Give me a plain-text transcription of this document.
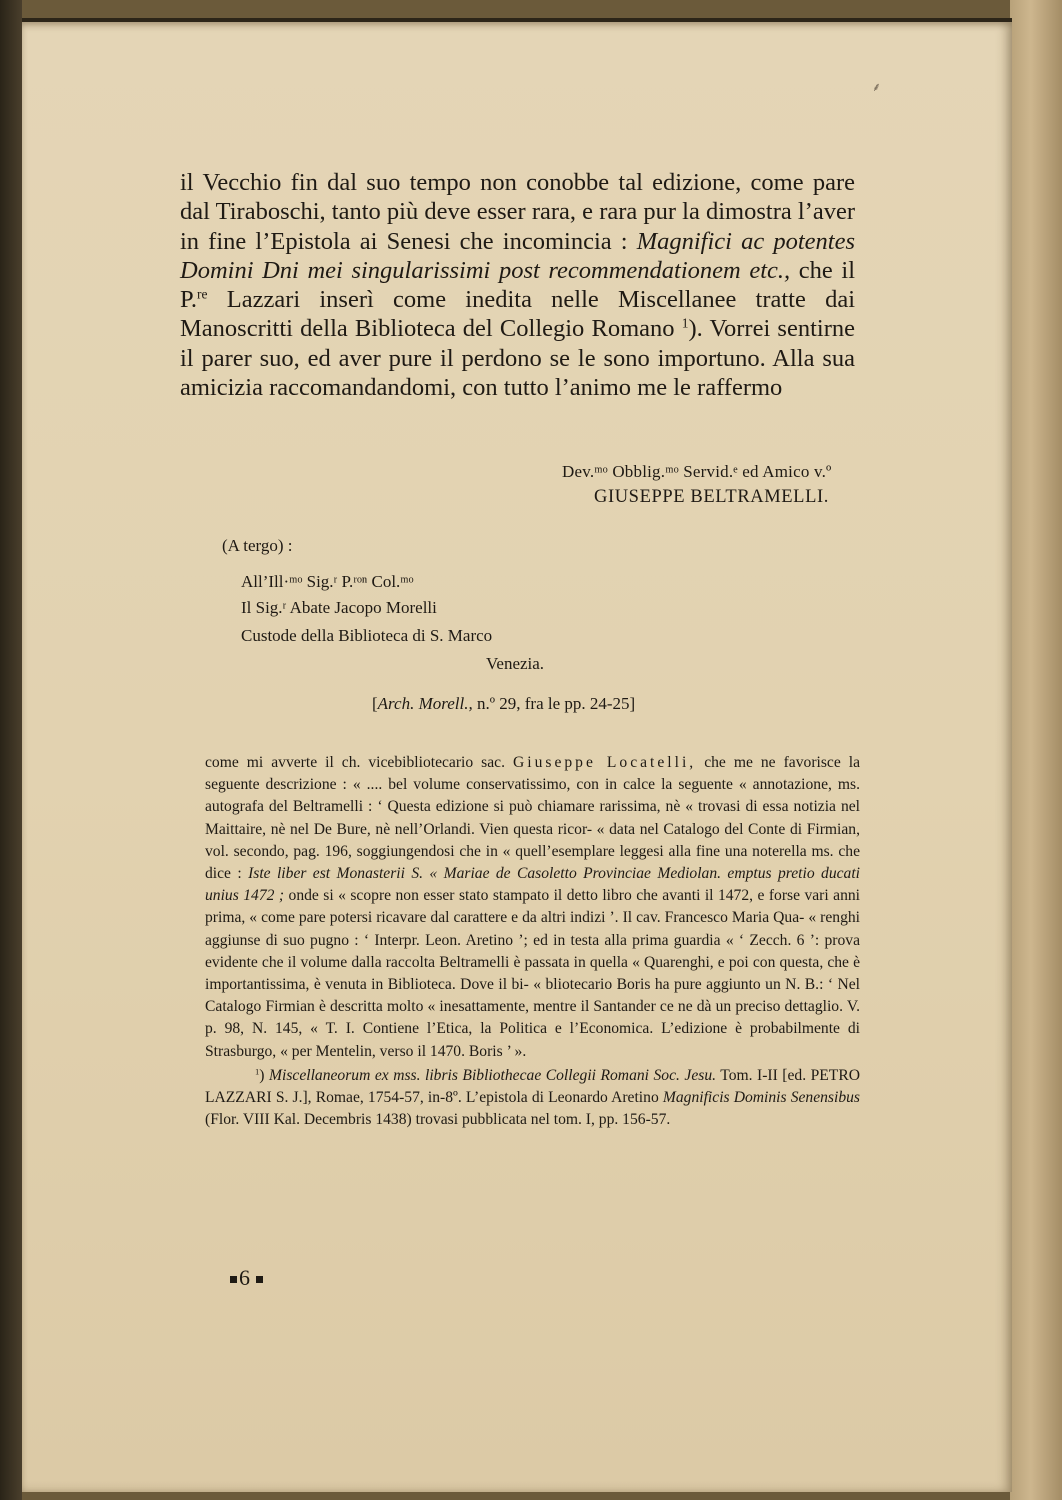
⸙

il Vecchio fin dal suo tempo non conobbe tal edizione, come pare dal Tiraboschi, tanto più deve esser rara, e rara pur la dimostra l’aver in fine l’Epistola ai Senesi che incomincia : Magnifici ac potentes Domini Dni mei singularissimi post recommendationem etc., che il P.$^{re}$ Lazzari inserì come inedita nelle Miscellanee tratte dai Manoscritti della Biblioteca del Collegio Romano $^1$). Vorrei sentirne il parer suo, ed aver pure il perdono se le sono importuno. Alla sua amicizia raccomandandomi, con tutto l’animo me le raffermo

Dev.ᵐᵒ Obblig.ᵐᵒ Servid.ᵉ ed Amico v.º
GIUSEPPE BELTRAMELLI.
(A tergo) :
All’Ill·ᵐᵒ Sig.ʳ P.ʳᵒⁿ Col.ᵐᵒ
Il Sig.ʳ Abate Jacopo Morelli
Custode della Biblioteca di S. Marco
Venezia.
[Arch. Morell., n.º 29, fra le pp. 24-25]

come mi avverte il ch. vicebibliotecario sac. Giuseppe Locatelli, che me ne favorisce la seguente descrizione : « .... bel volume conservatissimo, con in calce la seguente « annotazione, ms. autografa del Beltramelli : ‘ Questa edizione si può chiamare rarissima, nè « trovasi di essa notizia nel Maittaire, nè nel De Bure, nè nell’Orlandi. Vien questa ricor- « data nel Catalogo del Conte di Firmian, vol. secondo, pag. 196, soggiungendosi che in « quell’esemplare leggesi alla fine una noterella ms. che dice : Iste liber est Monasterii S. « Mariae de Casoletto Provinciae Mediolan. emptus pretio ducati unius 1472 ; onde si « scopre non esser stato stampato il detto libro che avanti il 1472, e forse vari anni prima, « come pare potersi ricavare dal carattere e da altri indizi ’. Il cav. Francesco Maria Qua- « renghi aggiunse di suo pugno : ‘ Interpr. Leon. Aretino ’; ed in testa alla prima guardia « ‘ Zecch. 6 ’: prova evidente che il volume dalla raccolta Beltramelli è passata in quella « Quarenghi, e poi con questa, che è importantissima, è venuta in Biblioteca. Dove il bi- « bliotecario Boris ha pure aggiunto un N. B.: ‘ Nel Catalogo Firmian è descritta molto « inesattamente, mentre il Santander ce ne dà un preciso dettaglio. V. p. 98, N. 145, « T. I. Contiene l’Etica, la Politica e l’Economica. L’edizione è probabilmente di Strasburgo, « per Mentelin, verso il 1470. Boris ’ ».

$^1$) Miscellaneorum ex mss. libris Bibliothecae Collegii Romani Soc. Jesu. Tom. I-II [ed. PETRO LAZZARI S. J.], Romae, 1754-57, in-8º. L’epistola di Leonardo Aretino Magnificis Dominis Senensibus (Flor. VIII Kal. Decembris 1438) trovasi pubblicata nel tom. I, pp. 156-57.

6
